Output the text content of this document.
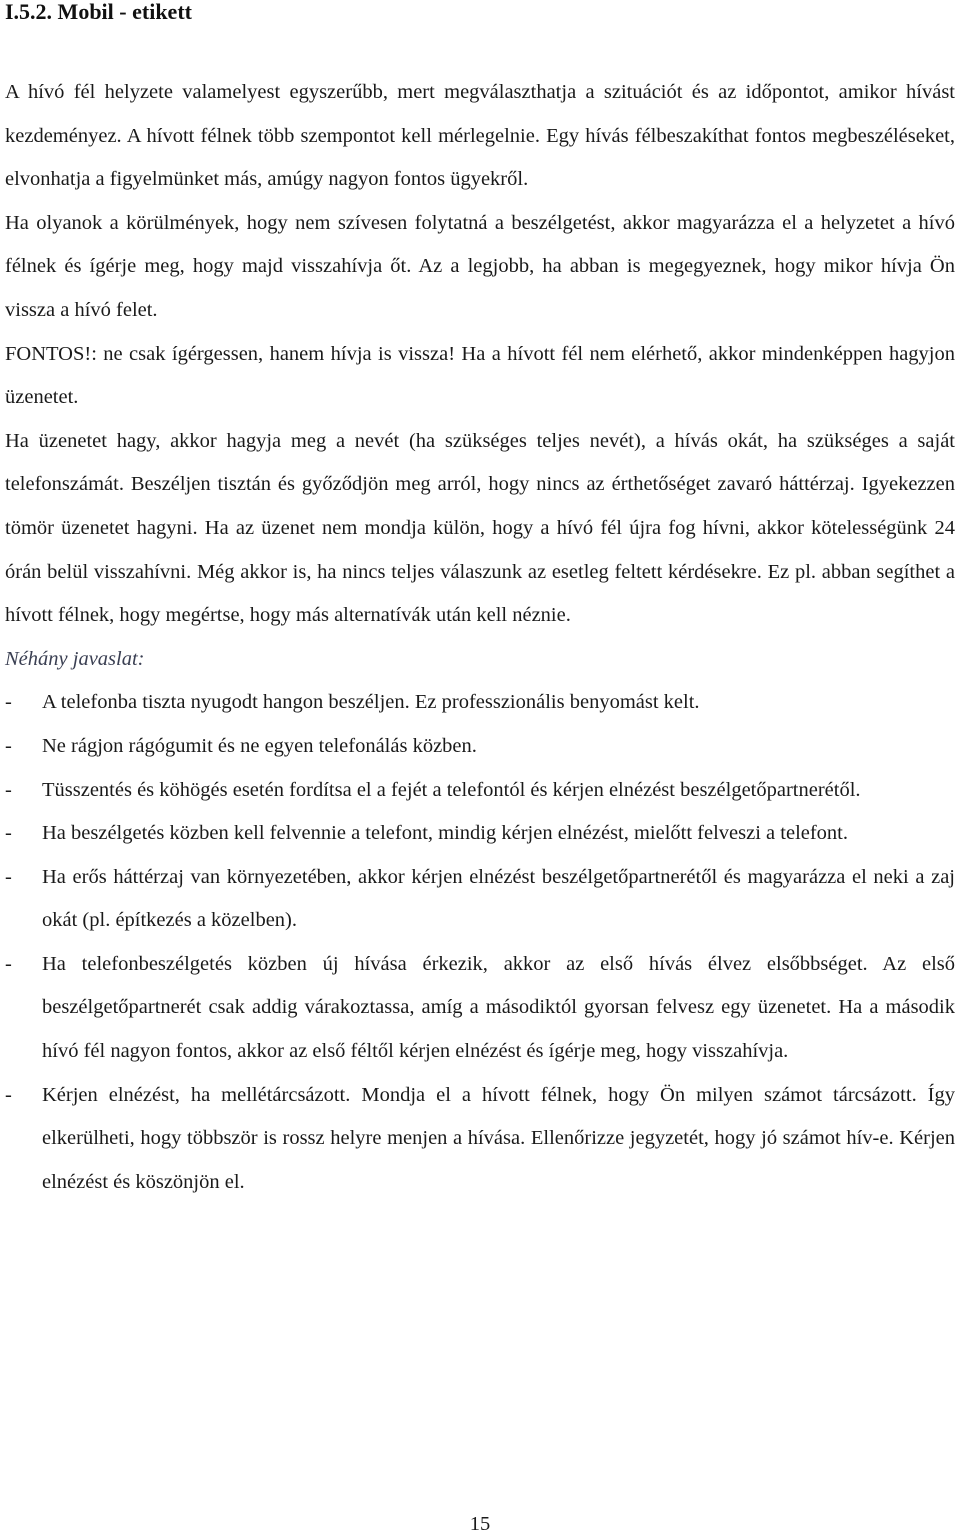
I.5.2. Mobil - etikett

A hívó fél helyzete valamelyest egyszerűbb, mert megválaszthatja a szituációt és az időpontot, amikor hívást kezdeményez. A hívott félnek több szempontot kell mérlegelnie. Egy hívás félbeszakíthat fontos megbeszéléseket, elvonhatja a figyelmünket más, amúgy nagyon fontos ügyekről.

Ha olyanok a körülmények, hogy nem szívesen folytatná a beszélgetést, akkor magyarázza el a helyzetet a hívó félnek és ígérje meg, hogy majd visszahívja őt. Az a legjobb, ha abban is megegyeznek, hogy mikor hívja Ön vissza a hívó felet.

FONTOS!: ne csak ígérgessen, hanem hívja is vissza! Ha a hívott fél nem elérhető, akkor mindenképpen hagyjon üzenetet.

Ha üzenetet hagy, akkor hagyja meg a nevét (ha szükséges teljes nevét), a hívás okát, ha szükséges a saját telefonszámát. Beszéljen tisztán és győződjön meg arról, hogy nincs az érthetőséget zavaró háttérzaj. Igyekezzen tömör üzenetet hagyni. Ha az üzenet nem mondja külön, hogy a hívó fél újra fog hívni, akkor kötelességünk 24 órán belül visszahívni. Még akkor is, ha nincs teljes válaszunk az esetleg feltett kérdésekre. Ez pl. abban segíthet a hívott félnek, hogy megértse, hogy más alternatívák után kell néznie.

Néhány javaslat:

- A telefonba tiszta nyugodt hangon beszéljen. Ez professzionális benyomást kelt.
- Ne rágjon rágógumit és ne egyen telefonálás közben.
- Tüsszentés és köhögés esetén fordítsa el a fejét a telefontól és kérjen elnézést beszélgetőpartnerétől.
- Ha beszélgetés közben kell felvennie a telefont, mindig kérjen elnézést, mielőtt felveszi a telefont.
- Ha erős háttérzaj van környezetében, akkor kérjen elnézést beszélgetőpartnerétől és magyarázza el neki a zaj okát (pl. építkezés a közelben).
- Ha telefonbeszélgetés közben új hívása érkezik, akkor az első hívás élvez elsőbbséget. Az első beszélgetőpartnerét csak addig várakoztassa, amíg a másodiktól gyorsan felvesz egy üzenetet. Ha a második hívó fél nagyon fontos, akkor az első féltől kérjen elnézést és ígérje meg, hogy visszahívja.
- Kérjen elnézést, ha mellétárcsázott. Mondja el a hívott félnek, hogy Ön milyen számot tárcsázott. Így elkerülheti, hogy többször is rossz helyre menjen a hívása. Ellenőrizze jegyzetét, hogy jó számot hív-e. Kérjen elnézést és köszönjön el.
15
